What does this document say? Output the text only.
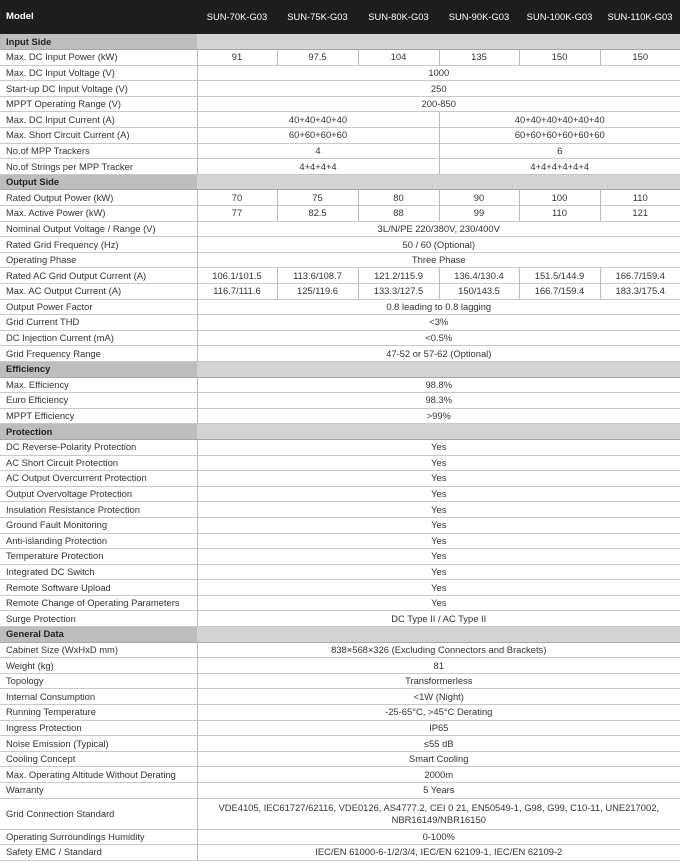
Model	SUN-70K-G03	SUN-75K-G03	SUN-80K-G03	SUN-90K-G03	SUN-100K-G03	SUN-110K-G03
Input Side						
Max. DC Input Power (kW)	91	97.5	104	135	150	150
Max. DC Input Voltage (V)	1000					
Start-up DC Input Voltage (V)	250					
MPPT Operating Range (V)	200-850					
Max. DC Input Current (A)	40+40+40+40			40+40+40+40+40+40		
Max. Short Circuit Current (A)	60+60+60+60			60+60+60+60+60+60		
No.of MPP Trackers	4			6		
No.of Strings per MPP Tracker	4+4+4+4			4+4+4+4+4+4		
Output Side						
Rated Output Power (kW)	70	75	80	90	100	110
Max. Active Power (kW)	77	82.5	88	99	110	121
Nominal Output Voltage / Range (V)	3L/N/PE 220/380V, 230/400V					
Rated Grid Frequency (Hz)	50 / 60 (Optional)					
Operating Phase	Three Phase					
Rated AC Grid Output Current (A)	106.1/101.5	113.6/108.7	121.2/115.9	136.4/130.4	151.5/144.9	166.7/159.4
Max. AC Output Current (A)	116.7/111.6	125/119.6	133.3/127.5	150/143.5	166.7/159.4	183.3/175.4
Output Power Factor	0.8 leading to 0.8 lagging					
Grid Current THD	<3%					
DC Injection Current (mA)	<0.5%					
Grid Frequency Range	47-52 or 57-62 (Optional)					
Efficiency						
Max. Efficiency	98.8%					
Euro Efficiency	98.3%					
MPPT Efficiency	>99%					
Protection						
DC Reverse-Polarity Protection	Yes					
AC Short Circuit Protection	Yes					
AC Output Overcurrent Protection	Yes					
Output Overvoltage Protection	Yes					
Insulation Resistance Protection	Yes					
Ground Fault Monitoring	Yes					
Anti-islanding Protection	Yes					
Temperature Protection	Yes					
Integrated DC Switch	Yes					
Remote Software Upload	Yes					
Remote Change of Operating Parameters	Yes					
Surge Protection	DC Type II / AC Type II					
General Data						
Cabinet Size (WxHxD mm)	838×568×326 (Excluding Connectors and Brackets)					
Weight (kg)	81					
Topology	Transformerless					
Internal Consumption	<1W (Night)					
Running Temperature	-25-65°C, >45°C Derating					
Ingress Protection	IP65					
Noise Emission (Typical)	≤55 dB					
Cooling Concept	Smart Cooling					
Max. Operating Altitude Without Derating	2000m					
Warranty	5 Years					
Grid Connection Standard	VDE4105, IEC61727/62116, VDE0126, AS4777.2, CEI 0 21, EN50549-1, G98, G99, C10-11, UNE217002, NBR16149/NBR16150					
Operating Surroundings Humidity	0-100%					
Safety EMC / Standard	IEC/EN 61000-6-1/2/3/4, IEC/EN 62109-1, IEC/EN 62109-2					
